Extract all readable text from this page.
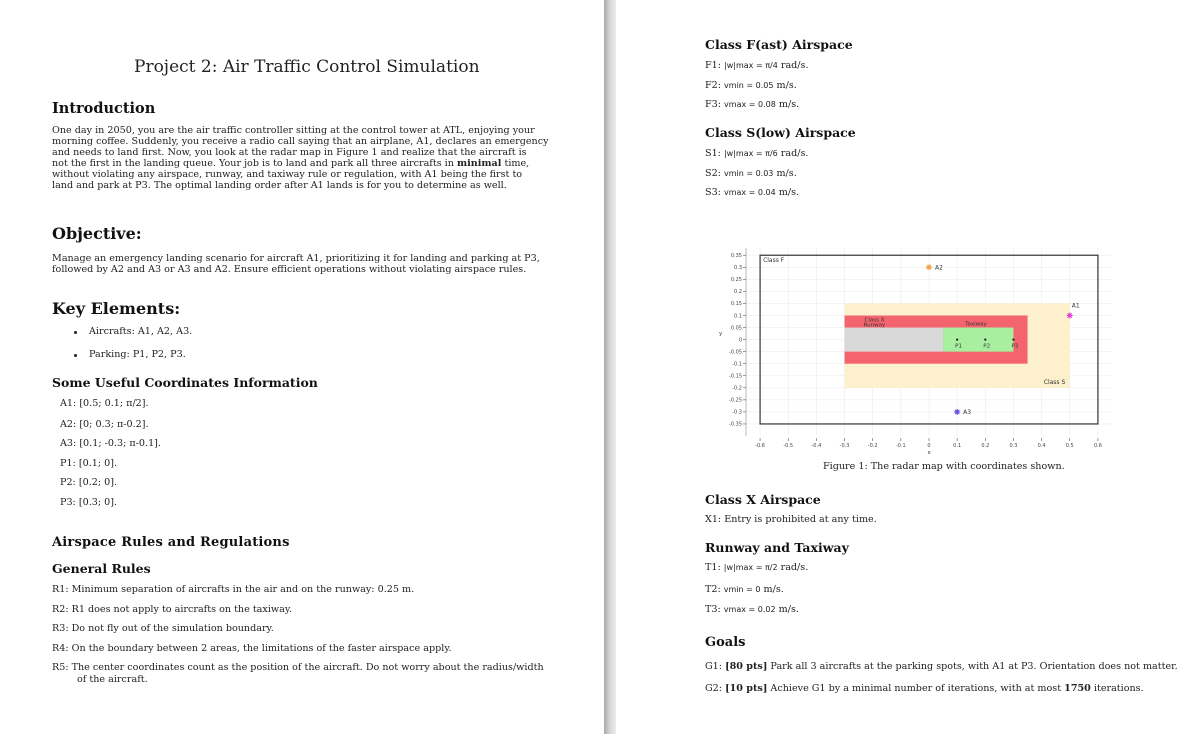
Project 2: Air Traffic Control Simulation
Introduction
One day in 2050, you are the air traffic controller sitting at the control tower at ATL, enjoying your
morning coffee. Suddenly, you receive a radio call saying that an airplane, A1, declares an emergency
and needs to land first. Now, you look at the radar map in Figure 1 and realize that the aircraft is
not the first in the landing queue. Your job is to land and park all three aircrafts in minimal time,
without violating any airspace, runway, and taxiway rule or regulation, with A1 being the first to
land and park at P3. The optimal landing order after A1 lands is for you to determine as well.
Objective:
Manage an emergency landing scenario for aircraft A1, prioritizing it for landing and parking at P3,
followed by A2 and A3 or A3 and A2. Ensure efficient operations without violating airspace rules.
Key Elements:
Aircrafts: A1, A2, A3.
Parking: P1, P2, P3.
Some Useful Coordinates Information
A1: [0.5; 0.1; π/2].
A2: [0; 0.3; π-0.2].
A3: [0.1; -0.3; π-0.1].
P1: [0.1; 0].
P2: [0.2; 0].
P3: [0.3; 0].
Airspace Rules and Regulations
General Rules
R1: Minimum separation of aircrafts in the air and on the runway: 0.25 m.
R2: R1 does not apply to aircrafts on the taxiway.
R3: Do not fly out of the simulation boundary.
R4: On the boundary between 2 areas, the limitations of the faster airspace apply.
R5: The center coordinates count as the position of the aircraft. Do not worry about the radius/width
of the aircraft.
Class F(ast) Airspace
F1: |w|max = π/4 rad/s.
F2: vmin = 0.05 m/s.
F3: vmax = 0.08 m/s.
Class S(low) Airspace
S1: |w|max = π/6 rad/s.
S2: vmin = 0.03 m/s.
S3: vmax = 0.04 m/s.
Class F
Class S
Class X
Runway	Taxiway
P1	P2	P3
A1
A2
A3
0.35
0.3
0.25
0.2
0.15
0.1
0.05
0
-0.05
-0.1
-0.15
-0.2
-0.25
-0.3
-0.35
-0.6	-0.5	-0.4	-0.3	-0.2	-0.1	0	0.1	0.2	0.3	0.4	0.5	0.6
x
y
Figure 1: The radar map with coordinates shown.
Class X Airspace
X1: Entry is prohibited at any time.
Runway and Taxiway
T1: |w|max = π/2 rad/s.
T2: vmin = 0 m/s.
T3: vmax = 0.02 m/s.
Goals
G1: [80 pts] Park all 3 aircrafts at the parking spots, with A1 at P3. Orientation does not matter.
G2: [10 pts] Achieve G1 by a minimal number of iterations, with at most 1750 iterations.
